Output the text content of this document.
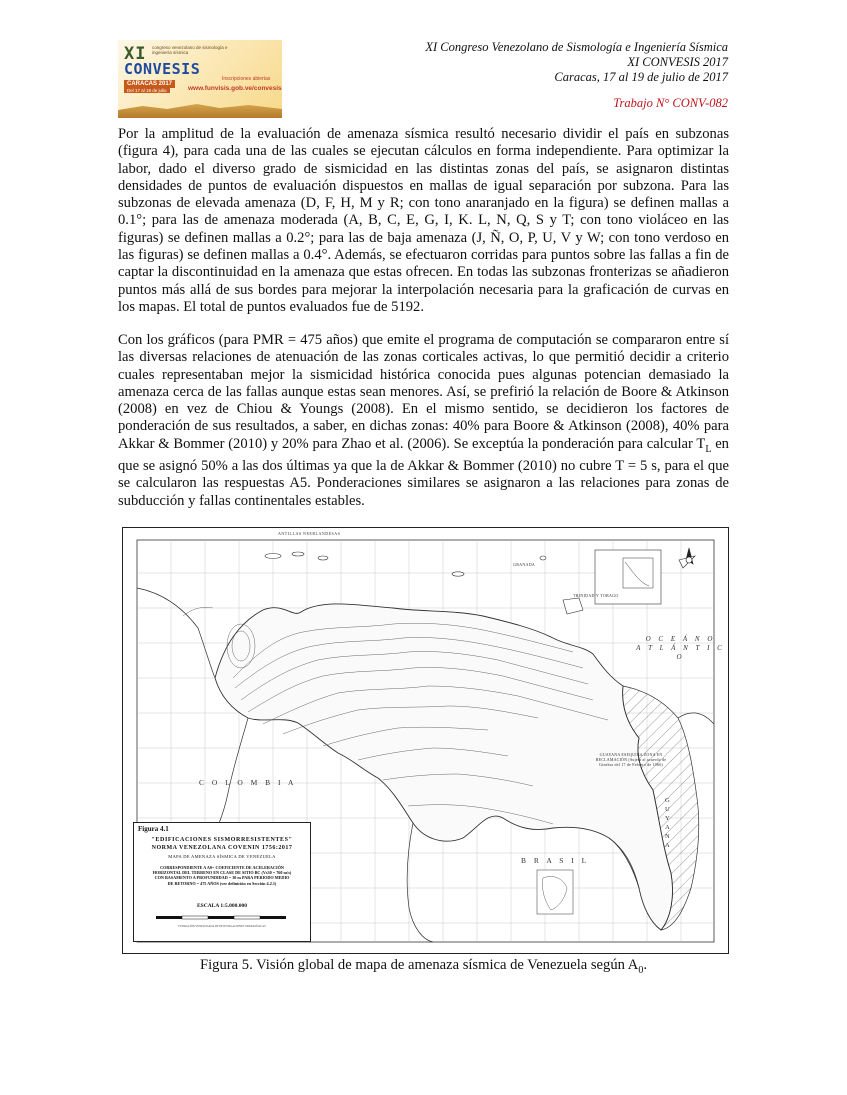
XI
CONVESIS
congreso venezolano de sismología e ingeniería sísmica
CARACAS 2017
Del 17 al 19 de julio
Inscripciones abiertas
www.funvisis.gob.ve/convesis
XI Congreso Venezolano de Sismología e Ingeniería Sísmica
XI CONVESIS 2017
Caracas, 17 al 19 de julio de 2017
Trabajo N° CONV-082

Por la amplitud de la evaluación de amenaza sísmica resultó necesario dividir el país en subzonas (figura 4), para cada una de las cuales se ejecutan cálculos en forma independiente. Para optimizar la labor, dado el diverso grado de sismicidad en las distintas zonas del país, se asignaron distintas densidades de puntos de evaluación dispuestos en mallas de igual separación por subzona. Para las subzonas de elevada amenaza (D, F, H, M y R; con tono anaranjado en la figura) se definen mallas a 0.1°; para las de amenaza moderada (A, B, C, E, G, I, K. L, N, Q, S y T; con tono violáceo en las figuras) se definen mallas a 0.2°; para las de baja amenaza (J, Ñ, O, P, U, V y W; con tono verdoso en las figuras) se definen mallas a 0.4°. Además, se efectuaron corridas para puntos sobre las fallas a fin de captar la discontinuidad en la amenaza que estas ofrecen. En todas las subzonas fronterizas se añadieron puntos más allá de sus bordes para mejorar la interpolación necesaria para la graficación de curvas en los mapas. El total de puntos evaluados fue de 5192.

Con los gráficos (para PMR = 475 años) que emite el programa de computación se compararon entre sí las diversas relaciones de atenuación de las zonas corticales activas, lo que permitió decidir a criterio cuales representaban mejor la sismicidad histórica conocida pues algunas potencian demasiado la amenaza cerca de las fallas aunque estas sean menores. Así, se prefirió la relación de Boore & Atkinson (2008) en vez de Chiou & Youngs (2008). En el mismo sentido, se decidieron los factores de ponderación de sus resultados, a saber, en dichas zonas: 40% para Boore & Atkinson (2008), 40% para Akkar & Bommer (2010) y 20% para Zhao et al. (2006). Se exceptúa la ponderación para calcular $T_L$ en que se asignó 50% a las dos últimas ya que la de Akkar & Bommer (2010) no cubre T = 5 s, para el que se calcularon las respuestas A5. Ponderaciones similares se asignaron a las relaciones para zonas de subducción y fallas continentales estables.

C O L O M B I A
B R A S I L
O C E Á N O
A T L Á N T I C O
GUYANA
ANTILLAS NEERLANDESAS
GRANADA
TRINIDAD Y TOBAGO
GUAYANA ESEQUIBA ZONA EN RECLAMACIÓN (Sujeta al acuerdo de Ginebra del 17 de Febrero de 1966)
Figura 4.1
"EDIFICACIONES SISMORRESISTENTES"
NORMA VENEZOLANA COVENIN 1756:2017
MAPA DE AMENAZA SÍSMICA DE VENEZUELA
CORRESPONDIENTE A A0= COEFICIENTE DE ACELERACIÓN HORIZONTAL DEL TERRENO EN CLASE DE SITIO BC (Vs30 = 760 m/s) CON BASAMENTO A PROFUNDIDAD = 30 m PARA PERIODO MEDIO DE RETORNO = 475 AÑOS (ver definición en Sección 4.2.1)
ESCALA 1:5.000.000
FUNDACIÓN VENEZOLANA DE INVESTIGACIONES SISMOLÓGICAS
Figura 5. Visión global de mapa de amenaza sísmica de Venezuela según $A_0$.
